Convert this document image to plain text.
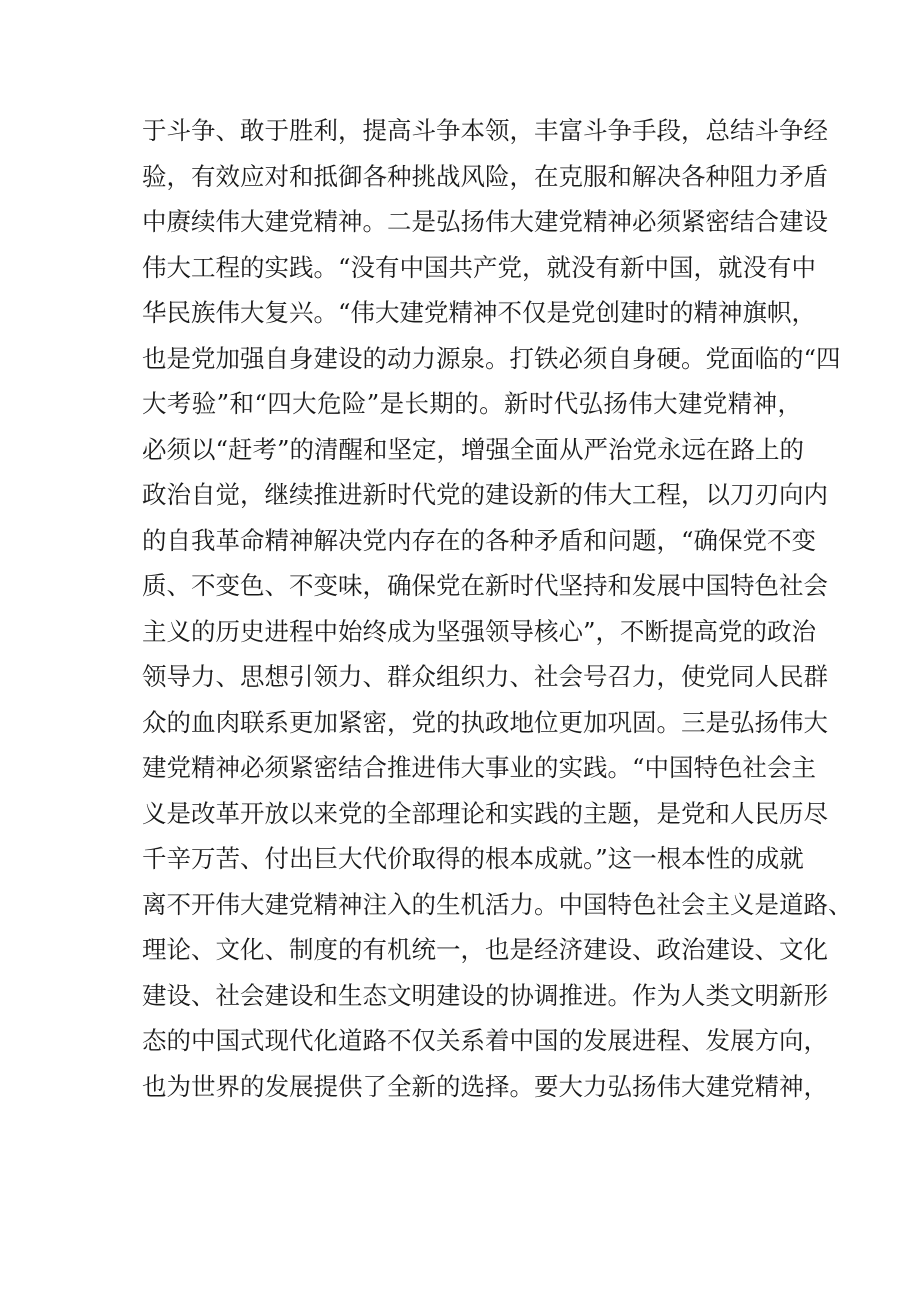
于斗争、敢于胜利，提高斗争本领，丰富斗争手段，总结斗争经
验，有效应对和抵御各种挑战风险，在克服和解决各种阻力矛盾
中赓续伟大建党精神。二是弘扬伟大建党精神必须紧密结合建设
伟大工程的实践。“没有中国共产党，就没有新中国，就没有中
华民族伟大复兴。“伟大建党精神不仅是党创建时的精神旗帜，
也是党加强自身建设的动力源泉。打铁必须自身硬。党面临的“四
大考验”和“四大危险”是长期的。新时代弘扬伟大建党精神，
必须以“赶考”的清醒和坚定，增强全面从严治党永远在路上的
政治自觉，继续推进新时代党的建设新的伟大工程，以刀刃向内
的自我革命精神解决党内存在的各种矛盾和问题，“确保党不变
质、不变色、不变味，确保党在新时代坚持和发展中国特色社会
主义的历史进程中始终成为坚强领导核心”，不断提高党的政治
领导力、思想引领力、群众组织力、社会号召力，使党同人民群
众的血肉联系更加紧密，党的执政地位更加巩固。三是弘扬伟大
建党精神必须紧密结合推进伟大事业的实践。“中国特色社会主
义是改革开放以来党的全部理论和实践的主题，是党和人民历尽
千辛万苦、付出巨大代价取得的根本成就。”这一根本性的成就
离不开伟大建党精神注入的生机活力。中国特色社会主义是道路、
理论、文化、制度的有机统一，也是经济建设、政治建设、文化
建设、社会建设和生态文明建设的协调推进。作为人类文明新形
态的中国式现代化道路不仅关系着中国的发展进程、发展方向，
也为世界的发展提供了全新的选择。要大力弘扬伟大建党精神，
